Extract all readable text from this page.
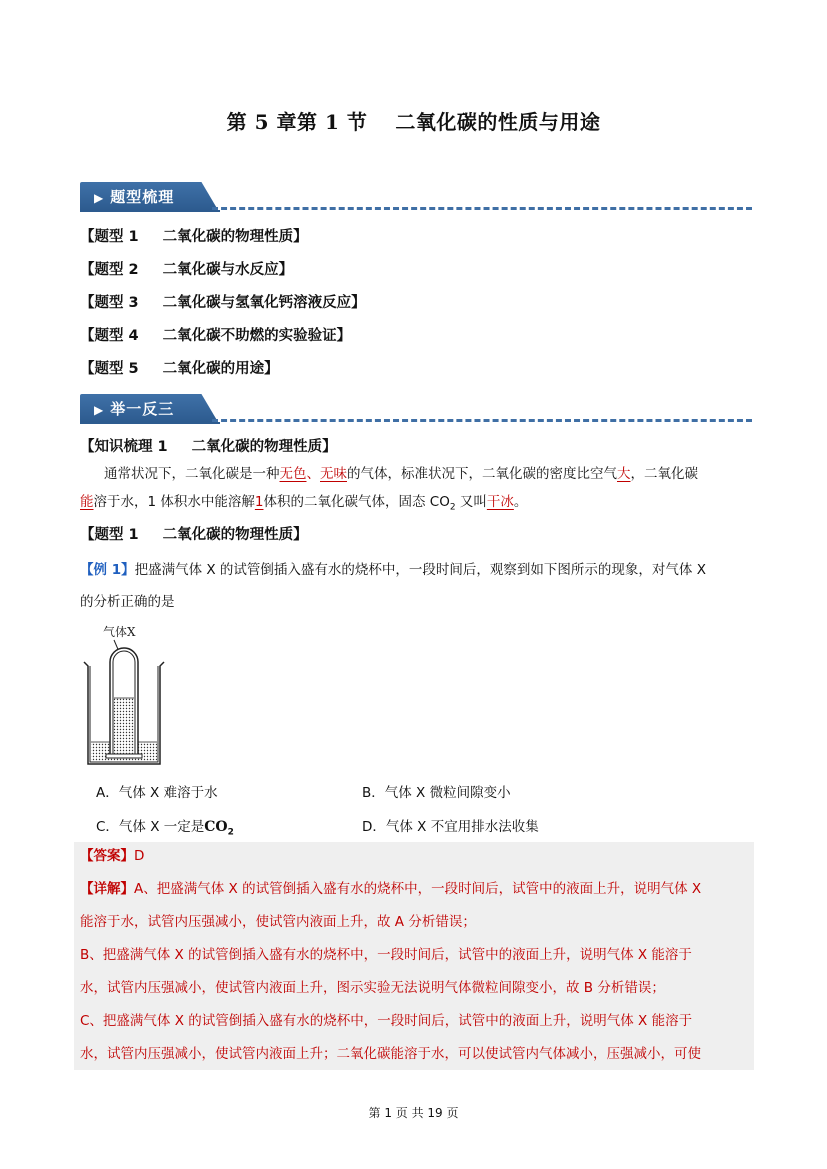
第 5 章第 1 节 二氧化碳的性质与用途
▶ 题型梳理
【题型 1 二氧化碳的物理性质】
【题型 2 二氧化碳与水反应】
【题型 3 二氧化碳与氢氧化钙溶液反应】
【题型 4 二氧化碳不助燃的实验验证】
【题型 5 二氧化碳的用途】
▶ 举一反三
【知识梳理 1 二氧化碳的物理性质】
通常状况下，二氧化碳是一种无色、无味的气体，标准状况下，二氧化碳的密度比空气大，二氧化碳
能溶于水，1 体积水中能溶解1体积的二氧化碳气体，固态 $CO_2$ 又叫干冰。
【题型 1 二氧化碳的物理性质】
【例 1】把盛满气体 X 的试管倒插入盛有水的烧杯中，一段时间后，观察到如下图所示的现象，对气体 X
的分析正确的是
气体X
A．气体 X 难溶于水	B．气体 X 微粒间隙变小
C．气体 X 一定是$CO_2$	D．气体 X 不宜用排水法收集
【答案】D
【详解】A、把盛满气体 X 的试管倒插入盛有水的烧杯中，一段时间后，试管中的液面上升，说明气体 X
能溶于水，试管内压强减小，使试管内液面上升，故 A 分析错误；
B、把盛满气体 X 的试管倒插入盛有水的烧杯中，一段时间后，试管中的液面上升，说明气体 X 能溶于
水，试管内压强减小，使试管内液面上升，图示实验无法说明气体微粒间隙变小，故 B 分析错误；
C、把盛满气体 X 的试管倒插入盛有水的烧杯中，一段时间后，试管中的液面上升，说明气体 X 能溶于
水，试管内压强减小，使试管内液面上升；二氧化碳能溶于水，可以使试管内气体减小，压强减小，可使
第 1 页 共 19 页
